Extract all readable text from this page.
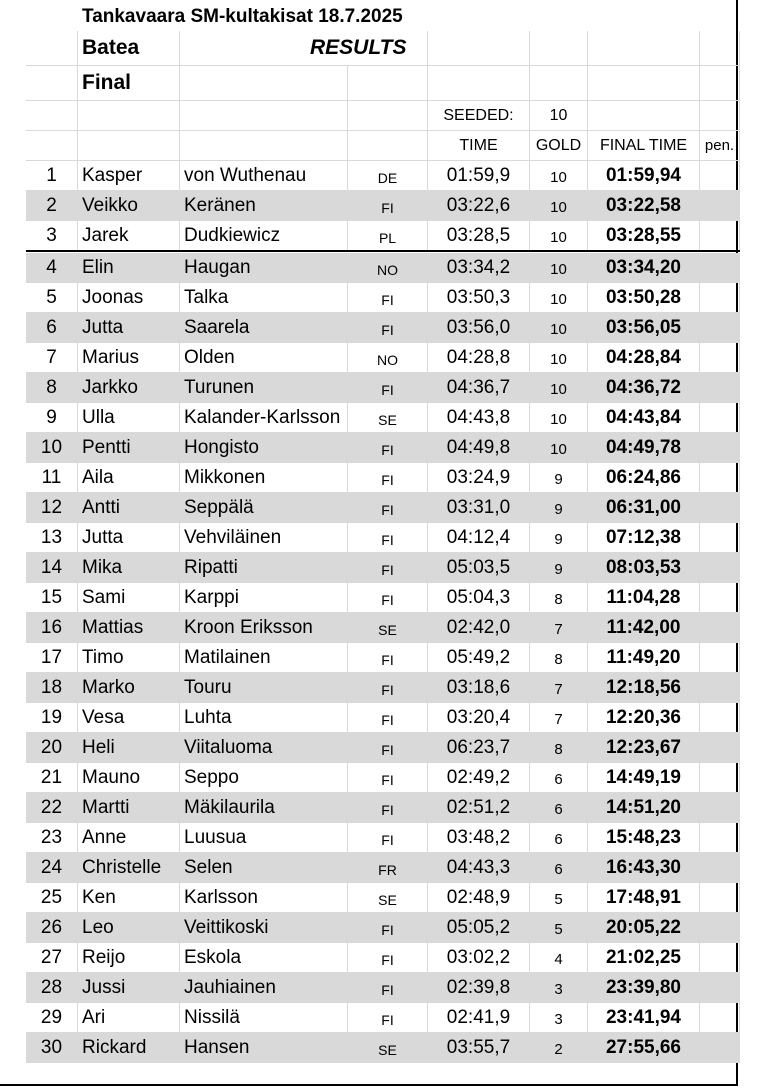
Tankavaara SM-kultakisat 18.7.2025
Batea	RESULTS
Final
SEEDED:	10
TIME	GOLD	FINAL TIME	pen.
1	Kasper	von Wuthenau	DE	01:59,9	10	01:59,94
2	Veikko	Keränen	FI	03:22,6	10	03:22,58
3	Jarek	Dudkiewicz	PL	03:28,5	10	03:28,55
4	Elin	Haugan	NO	03:34,2	10	03:34,20
5	Joonas	Talka	FI	03:50,3	10	03:50,28
6	Jutta	Saarela	FI	03:56,0	10	03:56,05
7	Marius	Olden	NO	04:28,8	10	04:28,84
8	Jarkko	Turunen	FI	04:36,7	10	04:36,72
9	Ulla	Kalander-Karlsson	SE	04:43,8	10	04:43,84
10	Pentti	Hongisto	FI	04:49,8	10	04:49,78
11	Aila	Mikkonen	FI	03:24,9	9	06:24,86
12	Antti	Seppälä	FI	03:31,0	9	06:31,00
13	Jutta	Vehviläinen	FI	04:12,4	9	07:12,38
14	Mika	Ripatti	FI	05:03,5	9	08:03,53
15	Sami	Karppi	FI	05:04,3	8	11:04,28
16	Mattias	Kroon Eriksson	SE	02:42,0	7	11:42,00
17	Timo	Matilainen	FI	05:49,2	8	11:49,20
18	Marko	Touru	FI	03:18,6	7	12:18,56
19	Vesa	Luhta	FI	03:20,4	7	12:20,36
20	Heli	Viitaluoma	FI	06:23,7	8	12:23,67
21	Mauno	Seppo	FI	02:49,2	6	14:49,19
22	Martti	Mäkilaurila	FI	02:51,2	6	14:51,20
23	Anne	Luusua	FI	03:48,2	6	15:48,23
24	Christelle	Selen	FR	04:43,3	6	16:43,30
25	Ken	Karlsson	SE	02:48,9	5	17:48,91
26	Leo	Veittikoski	FI	05:05,2	5	20:05,22
27	Reijo	Eskola	FI	03:02,2	4	21:02,25
28	Jussi	Jauhiainen	FI	02:39,8	3	23:39,80
29	Ari	Nissilä	FI	02:41,9	3	23:41,94
30	Rickard	Hansen	SE	03:55,7	2	27:55,66
